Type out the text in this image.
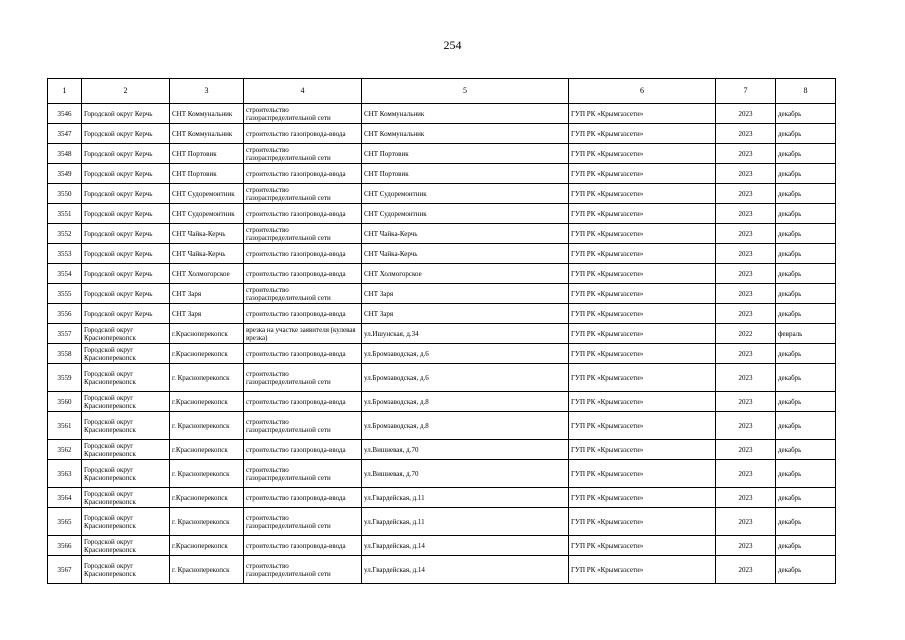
254
1	2	3	4	5	6	7	8
3546	Городской округ Керчь	СНТ Коммунальник	строительство газораспределительной сети	СНТ Коммунальник	ГУП РК «Крымгазсети»	2023	декабрь
3547	Городской округ Керчь	СНТ Коммунальник	строительство газопровода-ввода	СНТ Коммунальник	ГУП РК «Крымгазсети»	2023	декабрь
3548	Городской округ Керчь	СНТ Портовик	строительство газораспределительной сети	СНТ Портовик	ГУП РК «Крымгазсети»	2023	декабрь
3549	Городской округ Керчь	СНТ Портовик	строительство газопровода-ввода	СНТ Портовик	ГУП РК «Крымгазсети»	2023	декабрь
3550	Городской округ Керчь	СНТ Судоремонтник	строительство газораспределительной сети	СНТ Судоремонтник	ГУП РК «Крымгазсети»	2023	декабрь
3551	Городской округ Керчь	СНТ Судоремонтник	строительство газопровода-ввода	СНТ Судоремонтник	ГУП РК «Крымгазсети»	2023	декабрь
3552	Городской округ Керчь	СНТ Чайка-Керчь	строительство газораспределительной сети	СНТ Чайка-Керчь	ГУП РК «Крымгазсети»	2023	декабрь
3553	Городской округ Керчь	СНТ Чайка-Керчь	строительство газопровода-ввода	СНТ Чайка-Керчь	ГУП РК «Крымгазсети»	2023	декабрь
3554	Городской округ Керчь	СНТ Холмогорское	строительство газопровода-ввода	СНТ Холмогорское	ГУП РК «Крымгазсети»	2023	декабрь
3555	Городской округ Керчь	СНТ Заря	строительство газораспределительной сети	СНТ Заря	ГУП РК «Крымгазсети»	2023	декабрь
3556	Городской округ Керчь	СНТ Заря	строительство газопровода-ввода	СНТ Заря	ГУП РК «Крымгазсети»	2023	декабрь
3557	Городской округ Красноперекопск	г.Красноперекопск	врезка на участке заявителя (кулевая врезка)	ул.Ишунская, д.34	ГУП РК «Крымгазсети»	2022	февраль
3558	Городской округ Красноперекопск	г.Красноперекопск	строительство газопровода-ввода	ул.Бромзаводская, д.6	ГУП РК «Крымгазсети»	2023	декабрь
3559	Городской округ Красноперекопск	г. Красноперекопск	строительство газораспределительной сети	ул.Бромзаводская, д.6	ГУП РК «Крымгазсети»	2023	декабрь
3560	Городской округ Красноперекопск	г.Красноперекопск	строительство газопровода-ввода	ул.Бромзаводская, д.8	ГУП РК «Крымгазсети»	2023	декабрь
3561	Городской округ Красноперекопск	г. Красноперекопск	строительство газораспределительной сети	ул.Бромзаводская, д.8	ГУП РК «Крымгазсети»	2023	декабрь
3562	Городской округ Красноперекопск	г.Красноперекопск	строительство газопровода-ввода	ул.Вишневая, д.70	ГУП РК «Крымгазсети»	2023	декабрь
3563	Городской округ Красноперекопск	г. Красноперекопск	строительство газораспределительной сети	ул.Вишневая, д.70	ГУП РК «Крымгазсети»	2023	декабрь
3564	Городской округ Красноперекопск	г.Красноперекопск	строительство газопровода-ввода	ул.Гвардейская, д.11	ГУП РК «Крымгазсети»	2023	декабрь
3565	Городской округ Красноперекопск	г. Красноперекопск	строительство газораспределительной сети	ул.Гвардейская, д.11	ГУП РК «Крымгазсети»	2023	декабрь
3566	Городской округ Красноперекопск	г.Красноперекопск	строительство газопровода-ввода	ул.Гвардейская, д.14	ГУП РК «Крымгазсети»	2023	декабрь
3567	Городской округ Красноперекопск	г. Красноперекопск	строительство газораспределительной сети	ул.Гвардейская, д.14	ГУП РК «Крымгазсети»	2023	декабрь
